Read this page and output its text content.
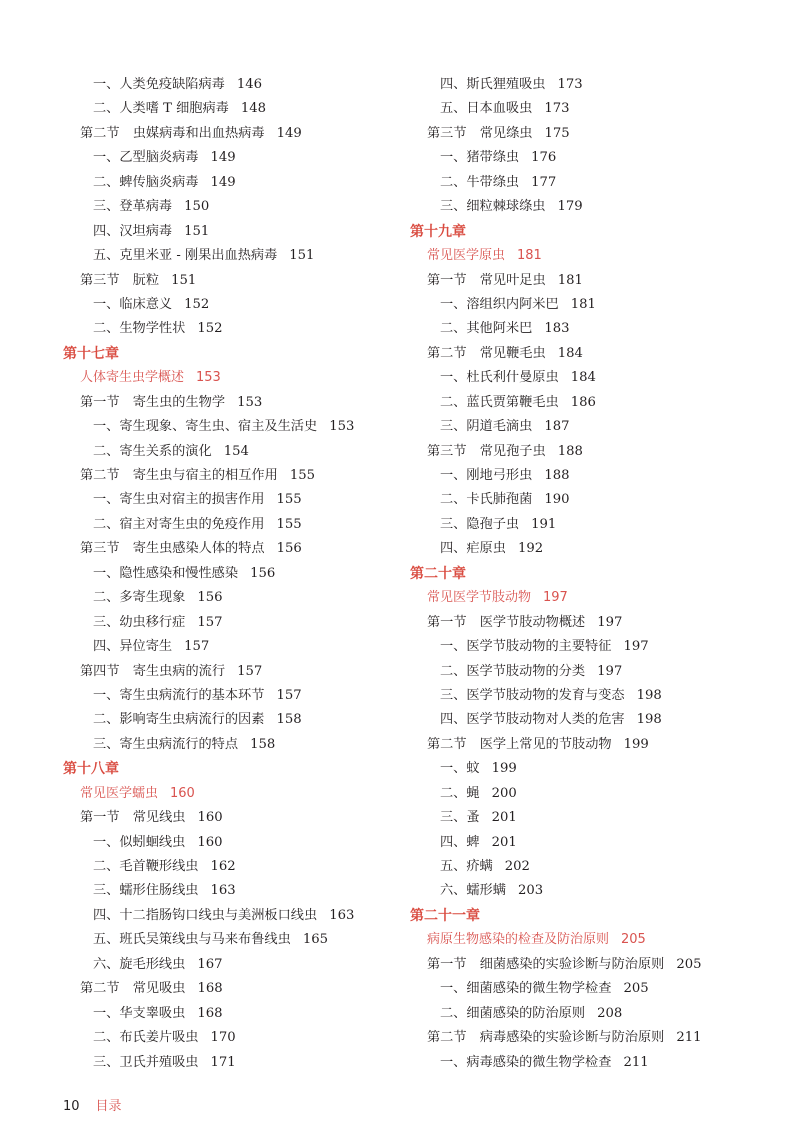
一、人类免疫缺陷病毒 146
二、人类嗜 T 细胞病毒 148
第二节　虫媒病毒和出血热病毒 149
一、乙型脑炎病毒 149
二、蜱传脑炎病毒 149
三、登革病毒 150
四、汉坦病毒 151
五、克里米亚 - 刚果出血热病毒 151
第三节　朊粒 151
一、临床意义 152
二、生物学性状 152
第十七章
人体寄生虫学概述 153
第一节　寄生虫的生物学 153
一、寄生现象、寄生虫、宿主及生活史 153
二、寄生关系的演化 154
第二节　寄生虫与宿主的相互作用 155
一、寄生虫对宿主的损害作用 155
二、宿主对寄生虫的免疫作用 155
第三节　寄生虫感染人体的特点 156
一、隐性感染和慢性感染 156
二、多寄生现象 156
三、幼虫移行症 157
四、异位寄生 157
第四节　寄生虫病的流行 157
一、寄生虫病流行的基本环节 157
二、影响寄生虫病流行的因素 158
三、寄生虫病流行的特点 158
第十八章
常见医学蠕虫 160
第一节　常见线虫 160
一、似蚓蛔线虫 160
二、毛首鞭形线虫 162
三、蠕形住肠线虫 163
四、十二指肠钩口线虫与美洲板口线虫 163
五、班氏吴策线虫与马来布鲁线虫 165
六、旋毛形线虫 167
第二节　常见吸虫 168
一、华支睾吸虫 168
二、布氏姜片吸虫 170
三、卫氏并殖吸虫 171
四、斯氏狸殖吸虫 173
五、日本血吸虫 173
第三节　常见绦虫 175
一、猪带绦虫 176
二、牛带绦虫 177
三、细粒棘球绦虫 179
第十九章
常见医学原虫 181
第一节　常见叶足虫 181
一、溶组织内阿米巴 181
二、其他阿米巴 183
第二节　常见鞭毛虫 184
一、杜氏利什曼原虫 184
二、蓝氏贾第鞭毛虫 186
三、阴道毛滴虫 187
第三节　常见孢子虫 188
一、刚地弓形虫 188
二、卡氏肺孢菌 190
三、隐孢子虫 191
四、疟原虫 192
第二十章
常见医学节肢动物 197
第一节　医学节肢动物概述 197
一、医学节肢动物的主要特征 197
二、医学节肢动物的分类 197
三、医学节肢动物的发育与变态 198
四、医学节肢动物对人类的危害 198
第二节　医学上常见的节肢动物 199
一、蚊 199
二、蝇 200
三、蚤 201
四、蜱 201
五、疥螨 202
六、蠕形螨 203
第二十一章
病原生物感染的检查及防治原则 205
第一节　细菌感染的实验诊断与防治原则 205
一、细菌感染的微生物学检查 205
二、细菌感染的防治原则 208
第二节　病毒感染的实验诊断与防治原则 211
一、病毒感染的微生物学检查 211
10 目录
